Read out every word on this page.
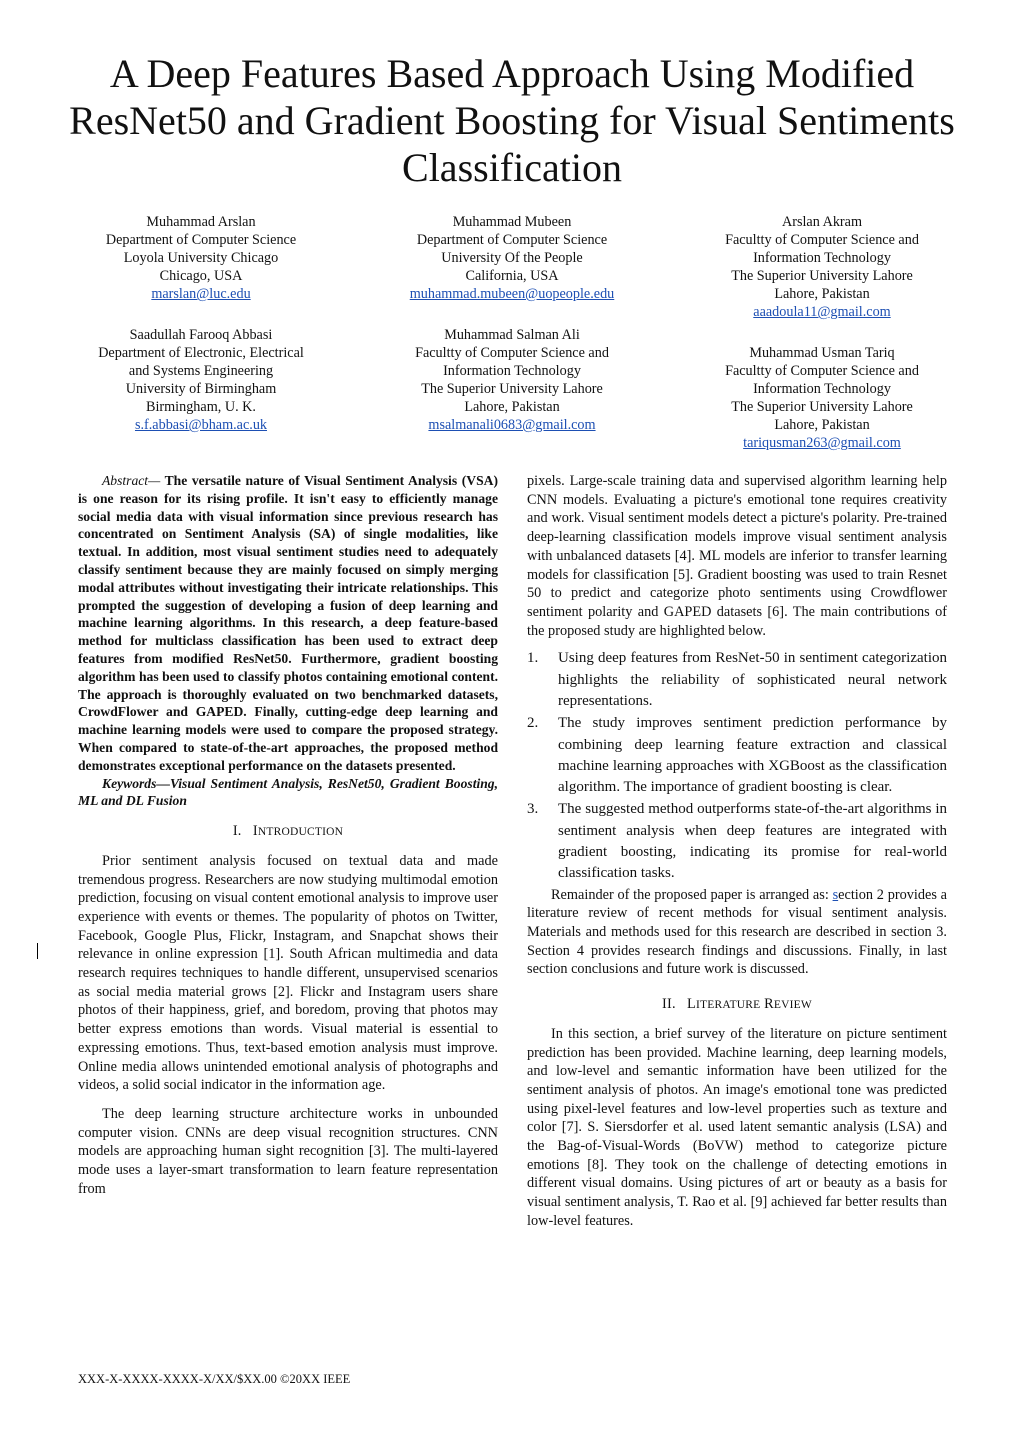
A Deep Features Based Approach Using Modified ResNet50 and Gradient Boosting for Visual Sentiments Classification
Muhammad Arslan
Department of Computer Science
Loyola University Chicago
Chicago, USA
marslan@luc.edu
Muhammad Mubeen
Department of Computer Science
University Of the People
California, USA
muhammad.mubeen@uopeople.edu
Arslan Akram
Facultty of Computer Science and
Information Technology
The Superior University Lahore
Lahore, Pakistan
aaadoula11@gmail.com
Saadullah Farooq Abbasi
Department of Electronic, Electrical
and Systems Engineering
University of Birmingham
Birmingham, U. K.
s.f.abbasi@bham.ac.uk
Muhammad Salman Ali
Facultty of Computer Science and
Information Technology
The Superior University Lahore
Lahore, Pakistan
msalmanali0683@gmail.com
Muhammad Usman Tariq
Facultty of Computer Science and
Information Technology
The Superior University Lahore
Lahore, Pakistan
tariqusman263@gmail.com

Abstract— The versatile nature of Visual Sentiment Analysis (VSA) is one reason for its rising profile. It isn't easy to efficiently manage social media data with visual information since previous research has concentrated on Sentiment Analysis (SA) of single modalities, like textual. In addition, most visual sentiment studies need to adequately classify sentiment because they are mainly focused on simply merging modal attributes without investigating their intricate relationships. This prompted the suggestion of developing a fusion of deep learning and machine learning algorithms. In this research, a deep feature-based method for multiclass classification has been used to extract deep features from modified ResNet50. Furthermore, gradient boosting algorithm has been used to classify photos containing emotional content. The approach is thoroughly evaluated on two benchmarked datasets, CrowdFlower and GAPED. Finally, cutting-edge deep learning and machine learning models were used to compare the proposed strategy. When compared to state-of-the-art approaches, the proposed method demonstrates exceptional performance on the datasets presented.

Keywords—Visual Sentiment Analysis, ResNet50, Gradient Boosting, ML and DL Fusion

I. INTRODUCTION

Prior sentiment analysis focused on textual data and made tremendous progress. Researchers are now studying multimodal emotion prediction, focusing on visual content emotional analysis to improve user experience with events or themes. The popularity of photos on Twitter, Facebook, Google Plus, Flickr, Instagram, and Snapchat shows their relevance in online expression [1]. South African multimedia and data research requires techniques to handle different, unsupervised scenarios as social media material grows [2]. Flickr and Instagram users share photos of their happiness, grief, and boredom, proving that photos may better express emotions than words. Visual material is essential to expressing emotions. Thus, text-based emotion analysis must improve. Online media allows unintended emotional analysis of photographs and videos, a solid social indicator in the information age.

The deep learning structure architecture works in unbounded computer vision. CNNs are deep visual recognition structures. CNN models are approaching human sight recognition [3]. The multi-layered mode uses a layer-smart transformation to learn feature representation from

pixels. Large-scale training data and supervised algorithm learning help CNN models. Evaluating a picture's emotional tone requires creativity and work. Visual sentiment models detect a picture's polarity. Pre-trained deep-learning classification models improve visual sentiment analysis with unbalanced datasets [4]. ML models are inferior to transfer learning models for classification [5]. Gradient boosting was used to train Resnet 50 to predict and categorize photo sentiments using Crowdflower sentiment polarity and GAPED datasets [6]. The main contributions of the proposed study are highlighted below.

1. Using deep features from ResNet-50 in sentiment categorization highlights the reliability of sophisticated neural network representations.
2. The study improves sentiment prediction performance by combining deep learning feature extraction and classical machine learning approaches with XGBoost as the classification algorithm. The importance of gradient boosting is clear.
3. The suggested method outperforms state-of-the-art algorithms in sentiment analysis when deep features are integrated with gradient boosting, indicating its promise for real-world classification tasks.

Remainder of the proposed paper is arranged as: section 2 provides a literature review of recent methods for visual sentiment analysis. Materials and methods used for this research are described in section 3. Section 4 provides research findings and discussions. Finally, in last section conclusions and future work is discussed.

II. LITERATURE REVIEW

In this section, a brief survey of the literature on picture sentiment prediction has been provided. Machine learning, deep learning models, and low-level and semantic information have been utilized for the sentiment analysis of photos. An image's emotional tone was predicted using pixel-level features and low-level properties such as texture and color [7]. S. Siersdorfer et al. used latent semantic analysis (LSA) and the Bag-of-Visual-Words (BoVW) method to categorize picture emotions [8]. They took on the challenge of detecting emotions in different visual domains. Using pictures of art or beauty as a basis for visual sentiment analysis, T. Rao et al. [9] achieved far better results than low-level features.

XXX-X-XXXX-XXXX-X/XX/$XX.00 ©20XX IEEE
